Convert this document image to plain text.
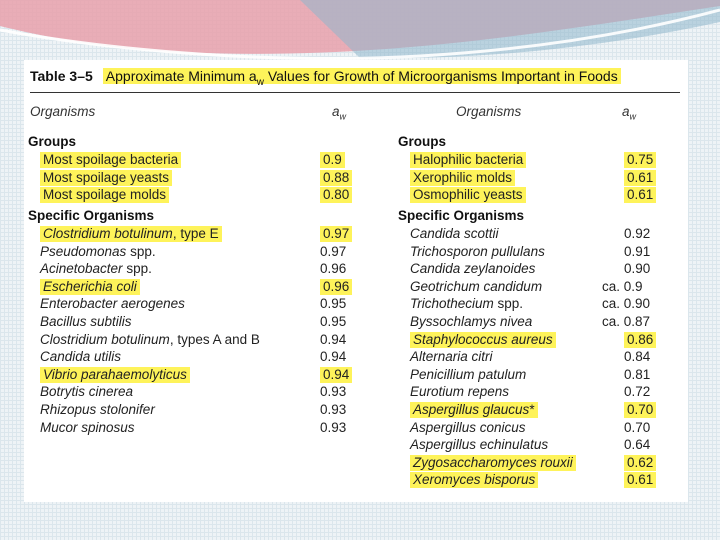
Table 3–5 Approximate Minimum $a_w$ Values for Growth of Microorganisms Important in Foods
Organisms	$a_w$
Groups
Most spoilage bacteria	0.9
Most spoilage yeasts	0.88
Most spoilage molds	0.80
Specific Organisms
Clostridium botulinum, type E	0.97
Pseudomonas spp.	0.97
Acinetobacter spp.	0.96
Escherichia coli	0.96
Enterobacter aerogenes	0.95
Bacillus subtilis	0.95
Clostridium botulinum, types A and B	0.94
Candida utilis	0.94
Vibrio parahaemolyticus	0.94
Botrytis cinerea	0.93
Rhizopus stolonifer	0.93
Mucor spinosus	0.93
Organisms	$a_w$
Groups
Halophilic bacteria	0.75
Xerophilic molds	0.61
Osmophilic yeasts	0.61
Specific Organisms
Candida scottii	0.92
Trichosporon pullulans	0.91
Candida zeylanoides	0.90
Geotrichum candidum	ca. 0.9
Trichothecium spp.	ca. 0.90
Byssochlamys nivea	ca. 0.87
Staphylococcus aureus	0.86
Alternaria citri	0.84
Penicillium patulum	0.81
Eurotium repens	0.72
Aspergillus glaucus*	0.70
Aspergillus conicus	0.70
Aspergillus echinulatus	0.64
Zygosaccharomyces rouxii	0.62
Xeromyces bisporus	0.61
